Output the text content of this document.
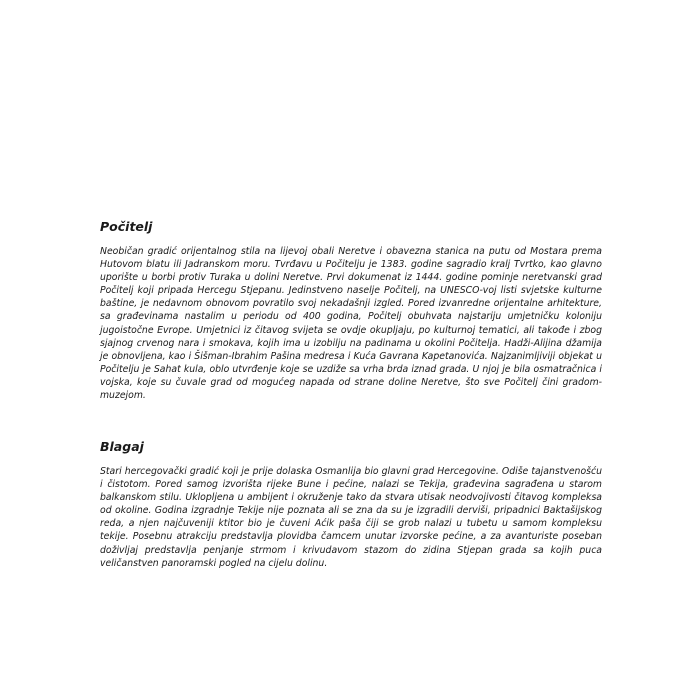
Počitelj

Neobičan gradić orijentalnog stila na lijevoj obali Neretve i obavezna stanica na putu od Mostara prema Hutovom blatu ili Jadranskom moru. Tvrđavu u Počitelju je 1383. godine sagradio kralj Tvrtko, kao glavno uporište u borbi protiv Turaka u dolini Neretve. Prvi dokumenat iz 1444. godine pominje neretvanski grad Počitelj koji pripada Hercegu Stjepanu. Jedinstveno naselje Počitelj, na UNESCO-voj listi svjetske kulturne baštine, je nedavnom obnovom povratilo svoj nekadašnji izgled. Pored izvanredne orijentalne arhitekture, sa građevinama nastalim u periodu od 400 godina, Počitelj obuhvata najstariju umjetničku koloniju jugoistočne Evrope. Umjetnici iz čitavog svijeta se ovdje okupljaju, po kulturnoj tematici, ali takođe i zbog sjajnog crvenog nara i smokava, kojih ima u izobilju na padinama u okolini Počitelja. Hadži-Alijina džamija je obnovljena, kao i Šišman-Ibrahim Pašina medresa i Kuća Gavrana Kapetanovića. Najzanimljiviji objekat u Počitelju je Sahat kula, oblo utvrđenje koje se uzdiže sa vrha brda iznad grada. U njoj je bila osmatračnica i vojska, koje su čuvale grad od mogućeg napada od strane doline Neretve, što sve Počitelj čini gradom-muzejom.

Blagaj

Stari hercegovački gradić koji je prije dolaska Osmanlija bio glavni grad Hercegovine. Odiše tajanstvenošću i čistotom. Pored samog izvorišta rijeke Bune i pećine, nalazi se Tekija, građevina sagrađena u starom balkanskom stilu. Uklopljena u ambijent i okruženje tako da stvara utisak neodvojivosti čitavog kompleksa od okoline. Godina izgradnje Tekije nije poznata ali se zna da su je izgradili derviši, pripadnici Baktašijskog reda, a njen najčuveniji ktitor bio je čuveni Aćik paša čiji se grob nalazi u tubetu u samom kompleksu tekije. Posebnu atrakciju predstavlja plovidba čamcem unutar izvorske pećine, a za avanturiste poseban doživljaj predstavlja penjanje strmom i krivudavom stazom do zidina Stjepan grada sa kojih puca veličanstven panoramski pogled na cijelu dolinu.
